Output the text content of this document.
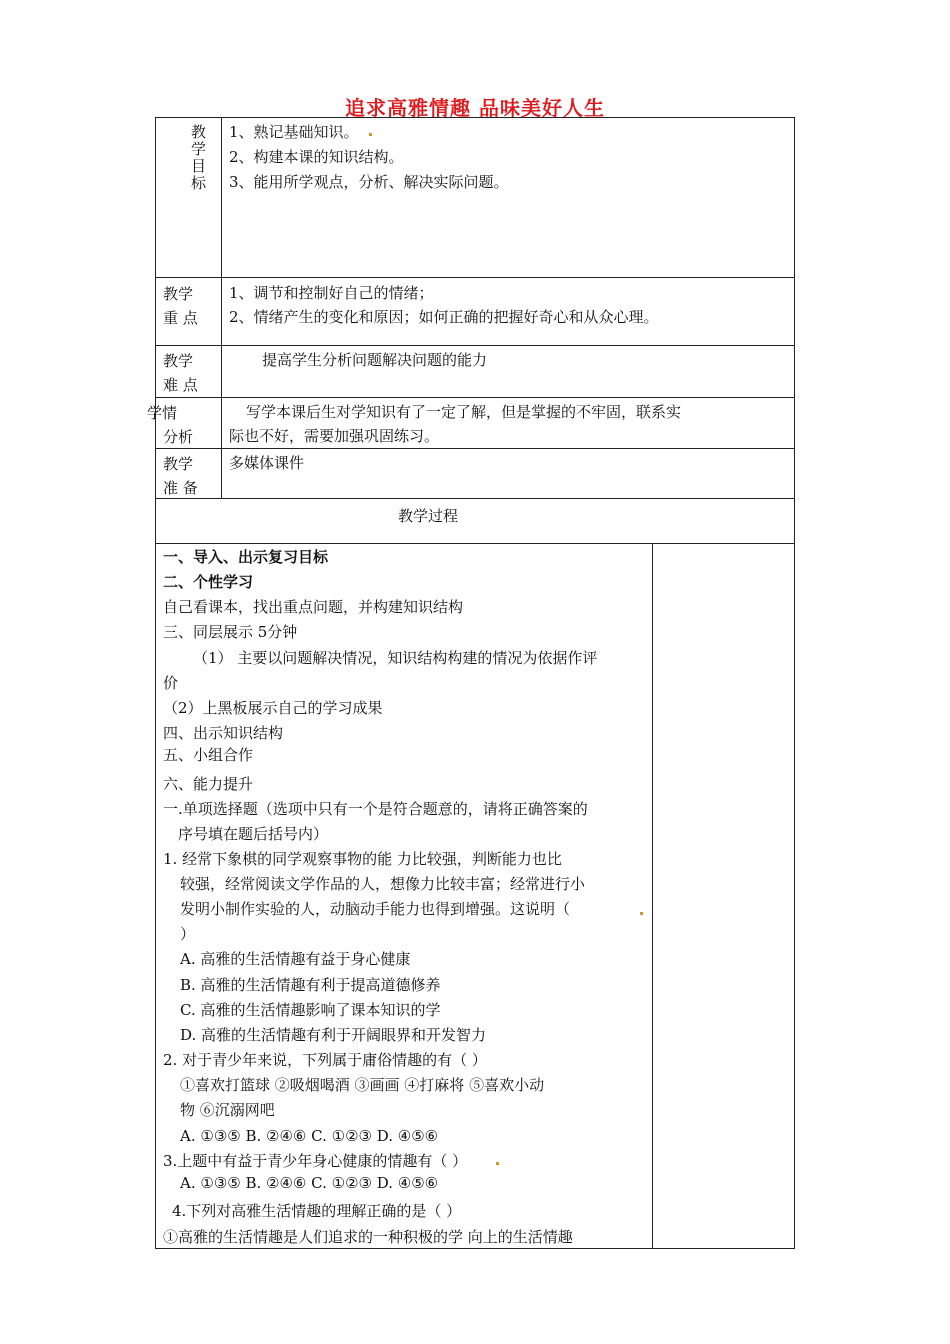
追求高雅情趣 品味美好人生
教学目标
1、熟记基础知识。
2、构建本课的知识结构。
3、能用所学观点，分析、解决实际问题。
教学
重 点
1、调节和控制好自己的情绪；
2、情绪产生的变化和原因；如何正确的把握好奇心和从众心理。
教学
难 点
提高学生分析问题解决问题的能力
学情
分析
写学本课后生对学知识有了一定了解，但是掌握的不牢固，联系实
际也不好，需要加强巩固练习。
教学
准 备
多媒体课件
教学过程
一、导入、出示复习目标
二、个性学习
自己看课本，找出重点问题，并构建知识结构
三、同层展示 5分钟
（1） 主要以问题解决情况，知识结构构建的情况为依据作评
价
（2）上黑板展示自己的学习成果
四、出示知识结构
五、小组合作
六、能力提升
一.单项选择题（选项中只有一个是符合题意的，请将正确答案的
序号填在题后括号内）
1. 经常下象棋的同学观察事物的能 力比较强，判断能力也比
较强，经常阅读文学作品的人，想像力比较丰富；经常进行小
发明小制作实验的人，动脑动手能力也得到增强。这说明（
）
A. 高雅的生活情趣有益于身心健康
B. 高雅的生活情趣有利于提高道德修养
C. 高雅的生活情趣影响了课本知识的学
D. 高雅的生活情趣有利于开阔眼界和开发智力
2. 对于青少年来说，下列属于庸俗情趣的有（ ）
①喜欢打篮球 ②吸烟喝酒 ③画画 ④打麻将 ⑤喜欢小动
物 ⑥沉溺网吧
A. ①③⑤ B. ②④⑥ C. ①②③ D. ④⑤⑥
3.上题中有益于青少年身心健康的情趣有（ ）
A. ①③⑤ B. ②④⑥ C. ①②③ D. ④⑤⑥
4.下列对高雅生活情趣的理解正确的是（ ）
①高雅的生活情趣是人们追求的一种积极的学 向上的生活情趣
